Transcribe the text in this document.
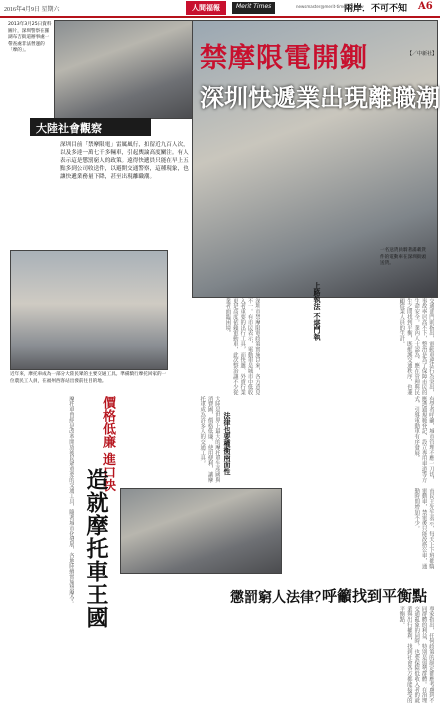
2016年4月9日 星期六	人間福報	Merit Times	newsmaster@merit-times.com.tw
兩岸．不可不知 A6
2013年3月25日資料圖片，深圳警察在羅湖布吉街道辦事處一帶查處非法營運的「摩的」。	禁摩限電開鍘	【／中新社】
深圳快遞業出現離職潮
大陸社會觀察
深圳目前「禁摩限電」雷厲風行，扣留近九百人次，以及多達一萬七千多輛車，引起輿論高度關注。有人表示這是懲罰窮人的政策。遠得快遞員只能在早上五點多到公司收送件，以避開交通警察，這種現象，也讓快遞業務量下降，甚至出現離職潮。
一名送貨員騎著滿載貨件的電動車在深圳街頭送貨。
近年來，摩托車成為一部分大陸民眾的主要交通工具。準備騎行摩托回家的一位農民工人員，在福州西客站出發前往目的地。	深圳市禁摩限電政策實施以來，各方意見不一。有市民表示，電動車是城市中低收入者重要的出行工具，而快遞、外賣行業更是高度依賴電動車，此次整治讓不少從業者面臨困境。	交通部門則指出，電動車違法行為突出，事故率居高不下，整治是為了保障市民的生命安全。業內人士認為，應在管理與民生之間找到平衡，既維護交通秩序，也兼顧從業人員的生計。
上路執法 不堪鬥執
大陸是世界上最大的摩托車生產國與消費國，價格低廉、使用便利，讓摩托車成為許多人的交通工具。	法律也要權衡兩面性	有學者呼籲，城市管理不應一刀切，應透過規範登記、設立專用車道等方式，引導電動車有序發展。
價格低廉 進口快
造就摩托車王國
摩托車曾經是改革開放後民眾重要的交通工具，隨著城市化發展，各地陸續實施禁摩令。	市民王先生表示，每天上下班都騎電動車，禁電後只能改搭公車，通勤時間增加不少。
懲罰窮人法律？
呼籲找到平衡點
專家指出，任何政策的制定都應考慮到不同群體的利益，特別是弱勢群體。在治理交通亂象的同時，也要保障低收入者的就業與出行權利，找到社會各方都能接受的平衡點。
